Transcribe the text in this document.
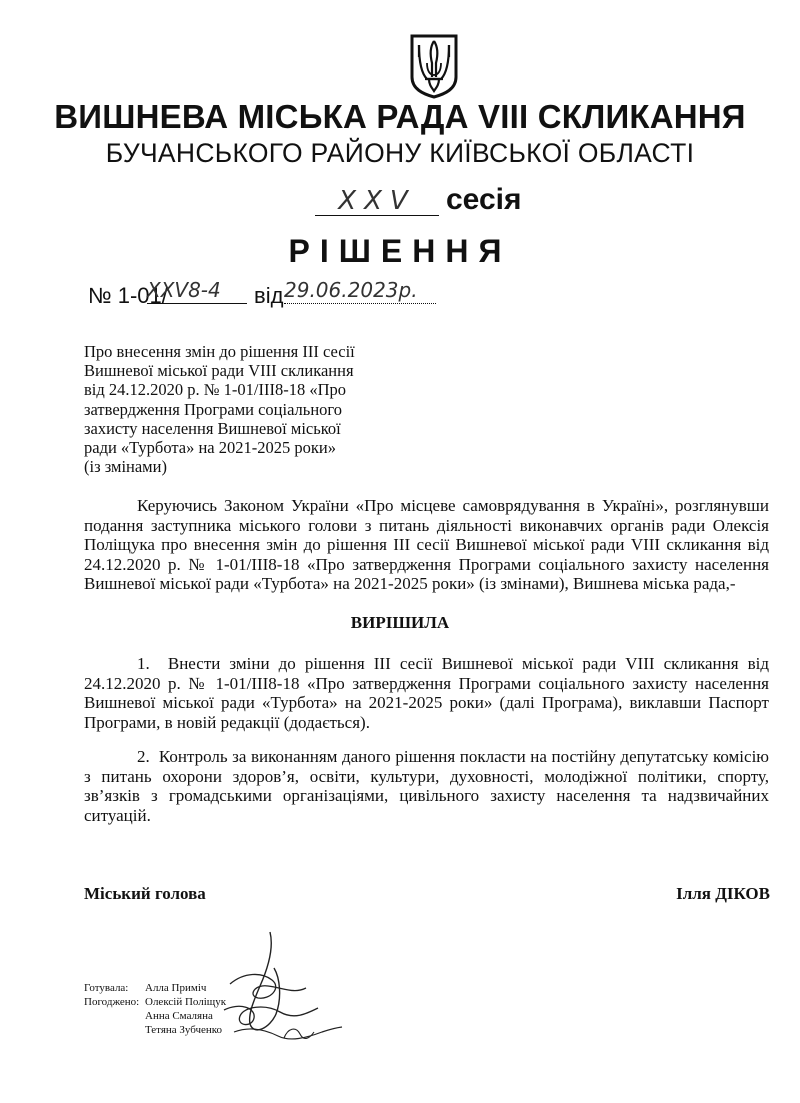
ВИШНЕВА МІСЬКА РАДА VIII СКЛИКАННЯ
БУЧАНСЬКОГО РАЙОНУ КИЇВСЬКОЇ ОБЛАСТІ
XXV	сесія
РІШЕННЯ
№ 1-01/
XXV8-4	від 29.06.2023р.
Про внесення змін до рішення ІІІ сесії
Вишневої міської ради VIII скликання
від 24.12.2020 р. № 1-01/ІІІ8-18 «Про
затвердження Програми соціального
захисту населення Вишневої міської
ради «Турбота» на 2021-2025 роки»
(із змінами)
Керуючись Законом України «Про місцеве самоврядування в Україні», розглянувши подання заступника міського голови з питань діяльності виконавчих органів ради Олексія Поліщука про внесення змін до рішення ІІІ сесії Вишневої міської ради VIII скликання від 24.12.2020 р. № 1-01/ІІІ8-18 «Про затвердження Програми соціального захисту населення Вишневої міської ради «Турбота» на 2021-2025 роки» (із змінами), Вишнева міська рада,-
ВИРІШИЛА
1. Внести зміни до рішення ІІІ сесії Вишневої міської ради VIII скликання від 24.12.2020 р. № 1-01/ІІІ8-18 «Про затвердження Програми соціального захисту населення Вишневої міської ради «Турбота» на 2021-2025 роки» (далі Програма), виклавши Паспорт Програми, в новій редакції (додається).
2. Контроль за виконанням даного рішення покласти на постійну депутатську комісію з питань охорони здоров’я, освіти, культури, духовності, молодіжної політики, спорту, зв’язків з громадськими організаціями, цивільного захисту населення та надзвичайних ситуацій.
Міський голова	Ілля ДІКОВ
Готувала: Алла Приміч
Погоджено: Олексій Поліщук
Анна Смаляна
Тетяна Зубченко
